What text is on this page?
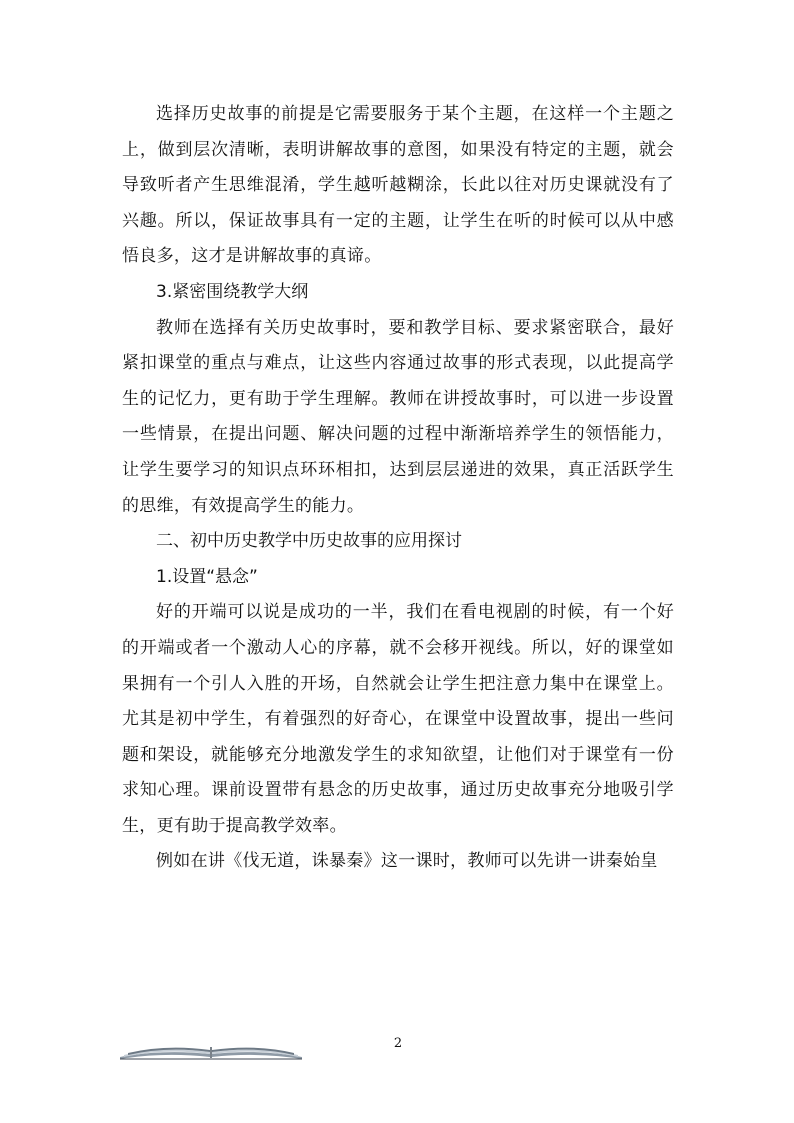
选择历史故事的前提是它需要服务于某个主题，在这样一个主题之上，做到层次清晰，表明讲解故事的意图，如果没有特定的主题，就会导致听者产生思维混淆，学生越听越糊涂，长此以往对历史课就没有了兴趣。所以，保证故事具有一定的主题，让学生在听的时候可以从中感悟良多，这才是讲解故事的真谛。

3.紧密围绕教学大纲

教师在选择有关历史故事时，要和教学目标、要求紧密联合，最好紧扣课堂的重点与难点，让这些内容通过故事的形式表现，以此提高学生的记忆力，更有助于学生理解。教师在讲授故事时，可以进一步设置一些情景，在提出问题、解决问题的过程中渐渐培养学生的领悟能力，让学生要学习的知识点环环相扣，达到层层递进的效果，真正活跃学生的思维，有效提高学生的能力。

二、初中历史教学中历史故事的应用探讨

1.设置“悬念”

好的开端可以说是成功的一半，我们在看电视剧的时候，有一个好的开端或者一个激动人心的序幕，就不会移开视线。所以，好的课堂如果拥有一个引人入胜的开场，自然就会让学生把注意力集中在课堂上。尤其是初中学生，有着强烈的好奇心，在课堂中设置故事，提出一些问题和架设，就能够充分地激发学生的求知欲望，让他们对于课堂有一份求知心理。课前设置带有悬念的历史故事，通过历史故事充分地吸引学生，更有助于提高教学效率。

例如在讲《伐无道，诛暴秦》这一课时，教师可以先讲一讲秦始皇

2
